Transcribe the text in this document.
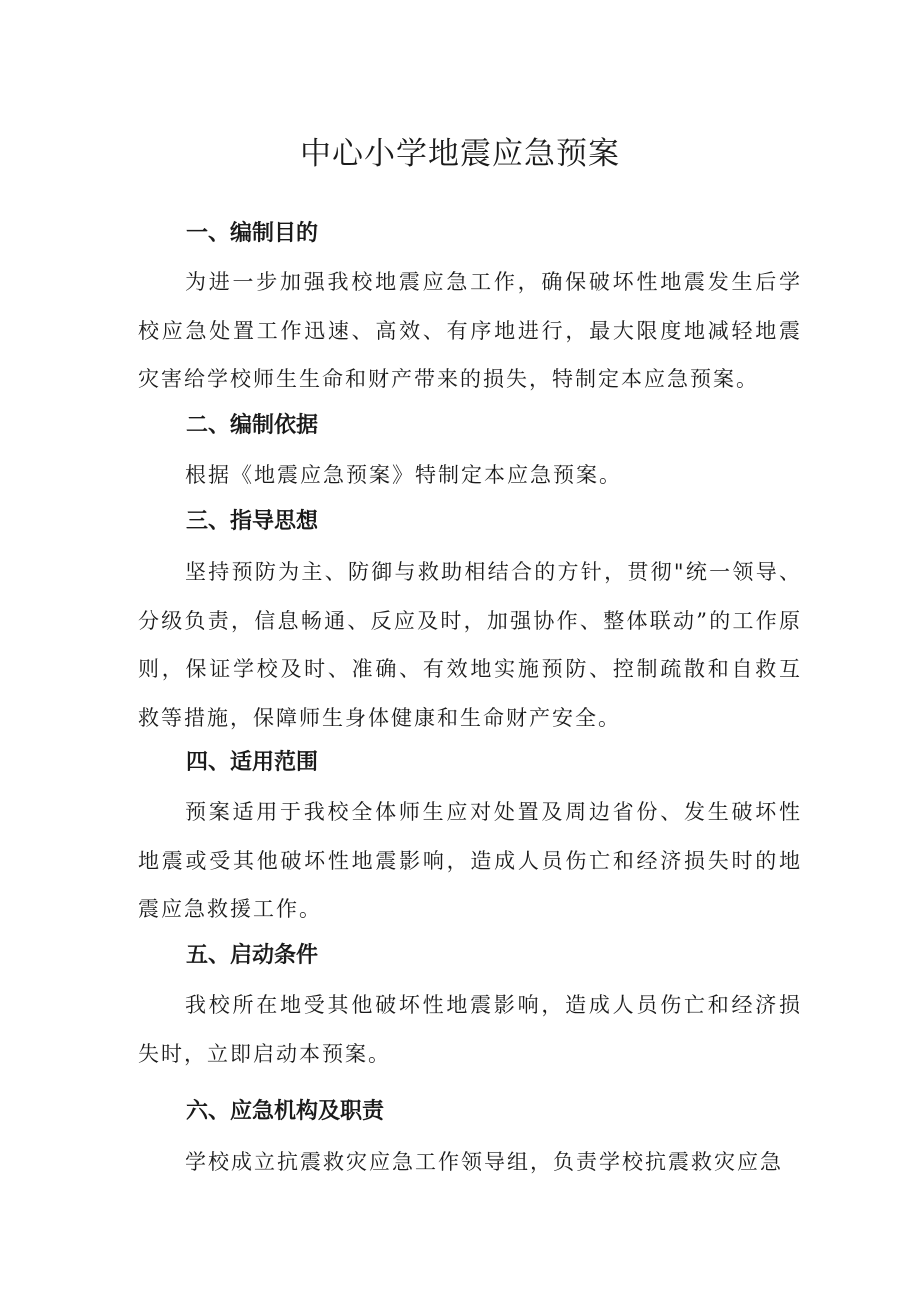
中心小学地震应急预案
一、编制目的

为进一步加强我校地震应急工作，确保破坏性地震发生后学校应急处置工作迅速、高效、有序地进行，最大限度地减轻地震灾害给学校师生生命和财产带来的损失，特制定本应急预案。

二、编制依据

根据《地震应急预案》特制定本应急预案。

三、指导思想

坚持预防为主、防御与救助相结合的方针，贯彻"统一领导、分级负责，信息畅通、反应及时，加强协作、整体联动”的工作原则，保证学校及时、准确、有效地实施预防、控制疏散和自救互救等措施，保障师生身体健康和生命财产安全。

四、适用范围

预案适用于我校全体师生应对处置及周边省份、发生破坏性地震或受其他破坏性地震影响，造成人员伤亡和经济损失时的地震应急救援工作。

五、启动条件

我校所在地受其他破坏性地震影响，造成人员伤亡和经济损失时，立即启动本预案。

六、应急机构及职责

学校成立抗震救灾应急工作领导组，负责学校抗震救灾应急
